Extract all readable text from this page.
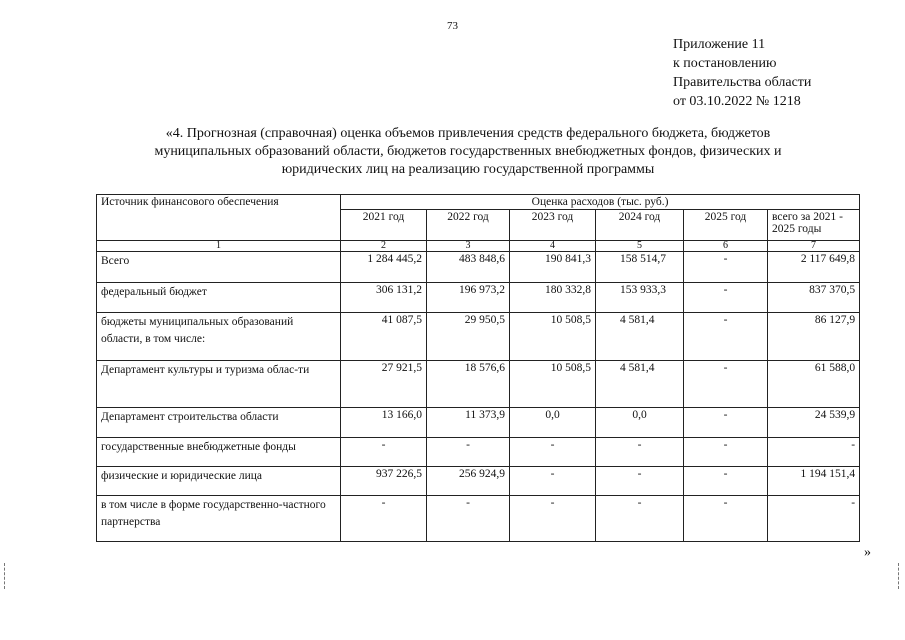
73
Приложение 11
к постановлению
Правительства области
от 03.10.2022 № 1218
«4. Прогнозная (справочная) оценка объемов привлечения средств федерального бюджета, бюджетов
муниципальных образований области, бюджетов государственных внебюджетных фондов, физических и
юридических лиц на реализацию государственной программы
Источник финансового обеспечения	Оценка расходов (тыс. руб.)					
	2021 год	2022 год	2023 год	2024 год	2025 год	всего за 2021 - 2025 годы
1	2	3	4	5	6	7
Всего	1 284 445,2	483 848,6	190 841,3	158 514,7	-	2 117 649,8
федеральный бюджет	306 131,2	196 973,2	180 332,8	153 933,3	-	837 370,5
бюджеты муниципальных образований области, в том числе:	41 087,5	29 950,5	10 508,5	4 581,4	-	86 127,9
Департамент культуры и туризма облас-ти	27 921,5	18 576,6	10 508,5	4 581,4	-	61 588,0
Департамент строительства области	13 166,0	11 373,9	0,0	0,0	-	24 539,9
государственные внебюджетные фонды	-	-	-	-	-	-
физические и юридические лица	937 226,5	256 924,9	-	-	-	1 194 151,4
в том числе в форме государственно-частного партнерства	-	-	-	-	-	-
»
